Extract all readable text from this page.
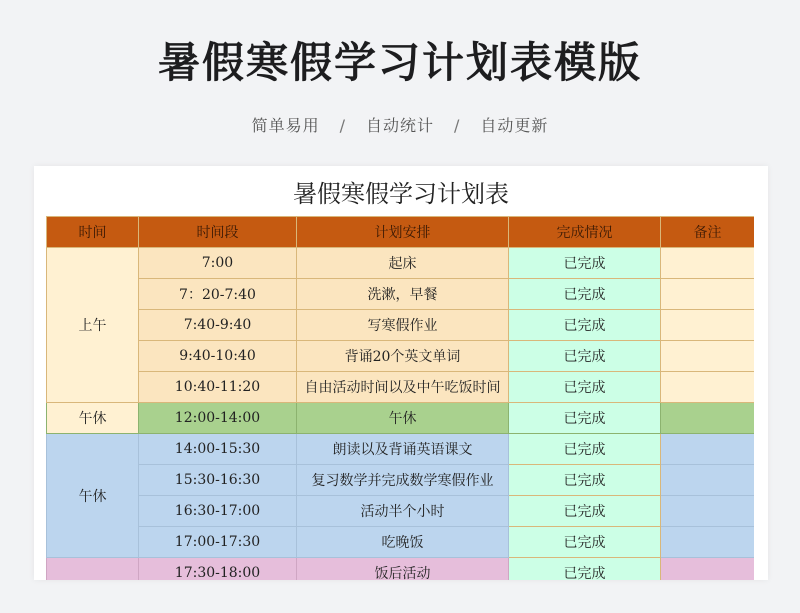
暑假寒假学习计划表模版
简单易用 / 自动统计 / 自动更新
暑假寒假学习计划表
时间	时间段	计划安排	完成情况	备注
上午	7:00	起床	已完成	
	7：20-7:40	洗漱，早餐	已完成	
	7:40-9:40	写寒假作业	已完成	
	9:40-10:40	背诵20个英文单词	已完成	
	10:40-11:20	自由活动时间以及中午吃饭时间	已完成	
午休	12:00-14:00	午休	已完成	
午休	14:00-15:30	朗读以及背诵英语课文	已完成	
	15:30-16:30	复习数学并完成数学寒假作业	已完成	
	16:30-17:00	活动半个小时	已完成	
	17:00-17:30	吃晚饭	已完成	
	17:30-18:00	饭后活动	已完成	
